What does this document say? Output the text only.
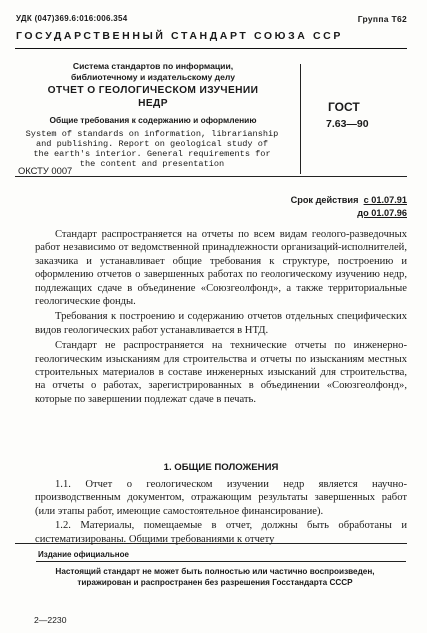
УДК (047)369.6:016:006.354	Группа Т62
ГОСУДАРСТВЕННЫЙ СТАНДАРТ СОЮЗА ССР
Система стандартов по информации,
библиотечному и издательскому делу
ОТЧЕТ О ГЕОЛОГИЧЕСКОМ ИЗУЧЕНИИ
НЕДР
Общие требования к содержанию и оформлению
System of standards on information, librarianship
and publishing. Report on geological study of
the earth's interior. General requirements for
the content and presentation
ГОСТ
7.63—90
ОКСТУ 0007
Срок действия с 01.07.91
до 01.07.96

Стандарт распространяется на отчеты по всем видам геолого-разведочных работ независимо от ведомственной принадлежности организаций-исполнителей, заказчика и устанавливает общие требования к структуре, построению и оформлению отчетов о завершенных работах по геологическому изучению недр, подлежащих сдаче в объединение «Союзгеолфонд», а также территориальные геологические фонды.

Требования к построению и содержанию отчетов отдельных специфических видов геологических работ устанавливается в НТД.

Стандарт не распространяется на технические отчеты по инженерно-геологическим изысканиям для строительства и отчеты по изысканиям местных строительных материалов в составе инженерных изысканий для строительства, на отчеты о работах, зарегистрированных в объединении «Союзгеолфонд», которые по завершении подлежат сдаче в печать.

1. ОБЩИЕ ПОЛОЖЕНИЯ

1.1. Отчет о геологическом изучении недр является научно-производственным документом, отражающим результаты завершенных работ (или этапы работ, имеющие самостоятельное финансирование).

1.2. Материалы, помещаемые в отчет, должны быть обработаны и систематизированы. Общими требованиями к отчету

Издание официальное
Настоящий стандарт не может быть полностью или частично воспроизведен,
тиражирован и распространен без разрешения Госстандарта СССР
2—2230
